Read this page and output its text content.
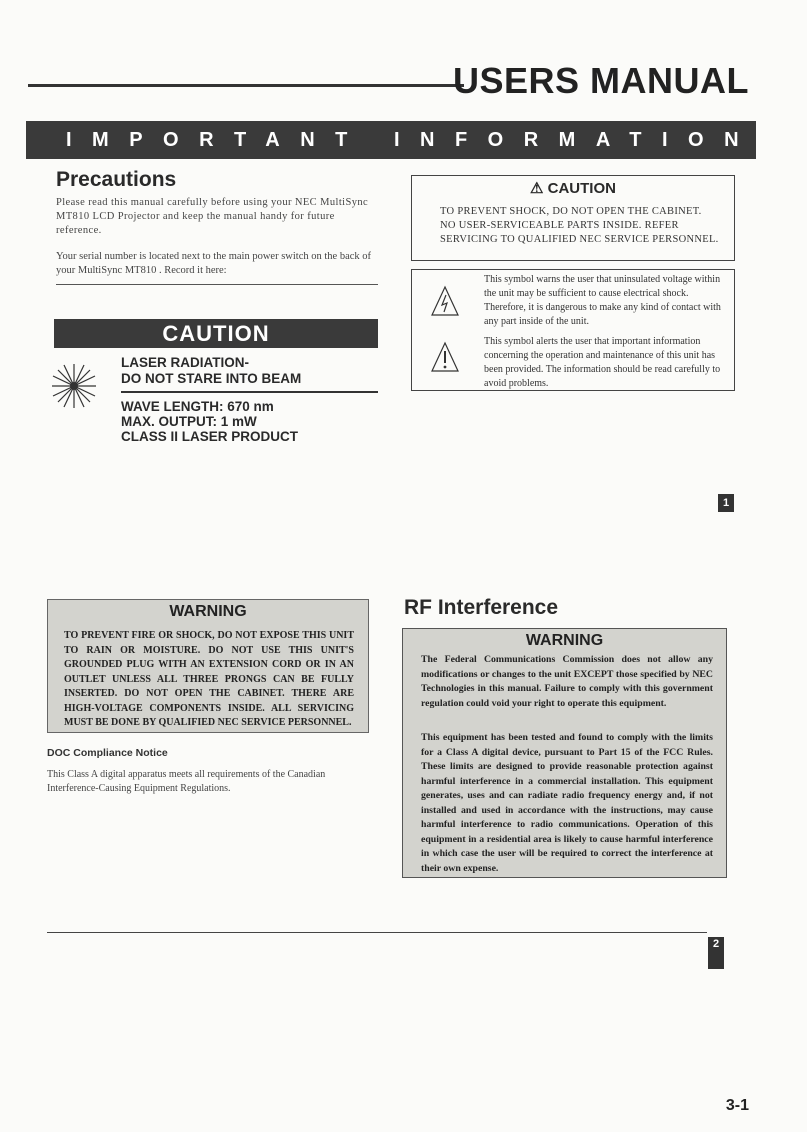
USERS MANUAL
IMPORTANT INFORMATION
Precautions
Please read this manual carefully before using your NEC MultiSync MT810 LCD Projector and keep the manual handy for future reference.
Your serial number is located next to the main power switch on the back of your MultiSync MT810 . Record it here:
CAUTION
LASER RADIATION-
DO NOT STARE INTO BEAM
WAVE LENGTH: 670 nm
MAX. OUTPUT: 1 mW
CLASS II LASER PRODUCT
⚠ CAUTION
TO PREVENT SHOCK, DO NOT OPEN THE CABINET. NO USER-SERVICEABLE PARTS INSIDE. REFER SERVICING TO QUALIFIED NEC SERVICE PERSONNEL.
This symbol warns the user that uninsulated voltage within the unit may be sufficient to cause electrical shock. Therefore, it is dangerous to make any kind of contact with any part inside of the unit.
This symbol alerts the user that important information concerning the operation and maintenance of this unit has been provided. The information should be read carefully to avoid problems.
1
2
WARNING
TO PREVENT FIRE OR SHOCK, DO NOT EXPOSE THIS UNIT TO RAIN OR MOISTURE. DO NOT USE THIS UNIT'S GROUNDED PLUG WITH AN EXTENSION CORD OR IN AN OUTLET UNLESS ALL THREE PRONGS CAN BE FULLY INSERTED. DO NOT OPEN THE CABINET. THERE ARE HIGH-VOLTAGE COMPONENTS INSIDE. ALL SERVICING MUST BE DONE BY QUALIFIED NEC SERVICE PERSONNEL.
DOC Compliance Notice
This Class A digital apparatus meets all requirements of the Canadian Interference-Causing Equipment Regulations.
RF Interference
WARNING
The Federal Communications Commission does not allow any modifications or changes to the unit EXCEPT those specified by NEC Technologies in this manual. Failure to comply with this government regulation could void your right to operate this equipment.
This equipment has been tested and found to comply with the limits for a Class A digital device, pursuant to Part 15 of the FCC Rules. These limits are designed to provide reasonable protection against harmful interference in a commercial installation. This equipment generates, uses and can radiate radio frequency energy and, if not installed and used in accordance with the instructions, may cause harmful interference to radio communications. Operation of this equipment in a residential area is likely to cause harmful interference in which case the user will be required to correct the interference at their own expense.
3-1
